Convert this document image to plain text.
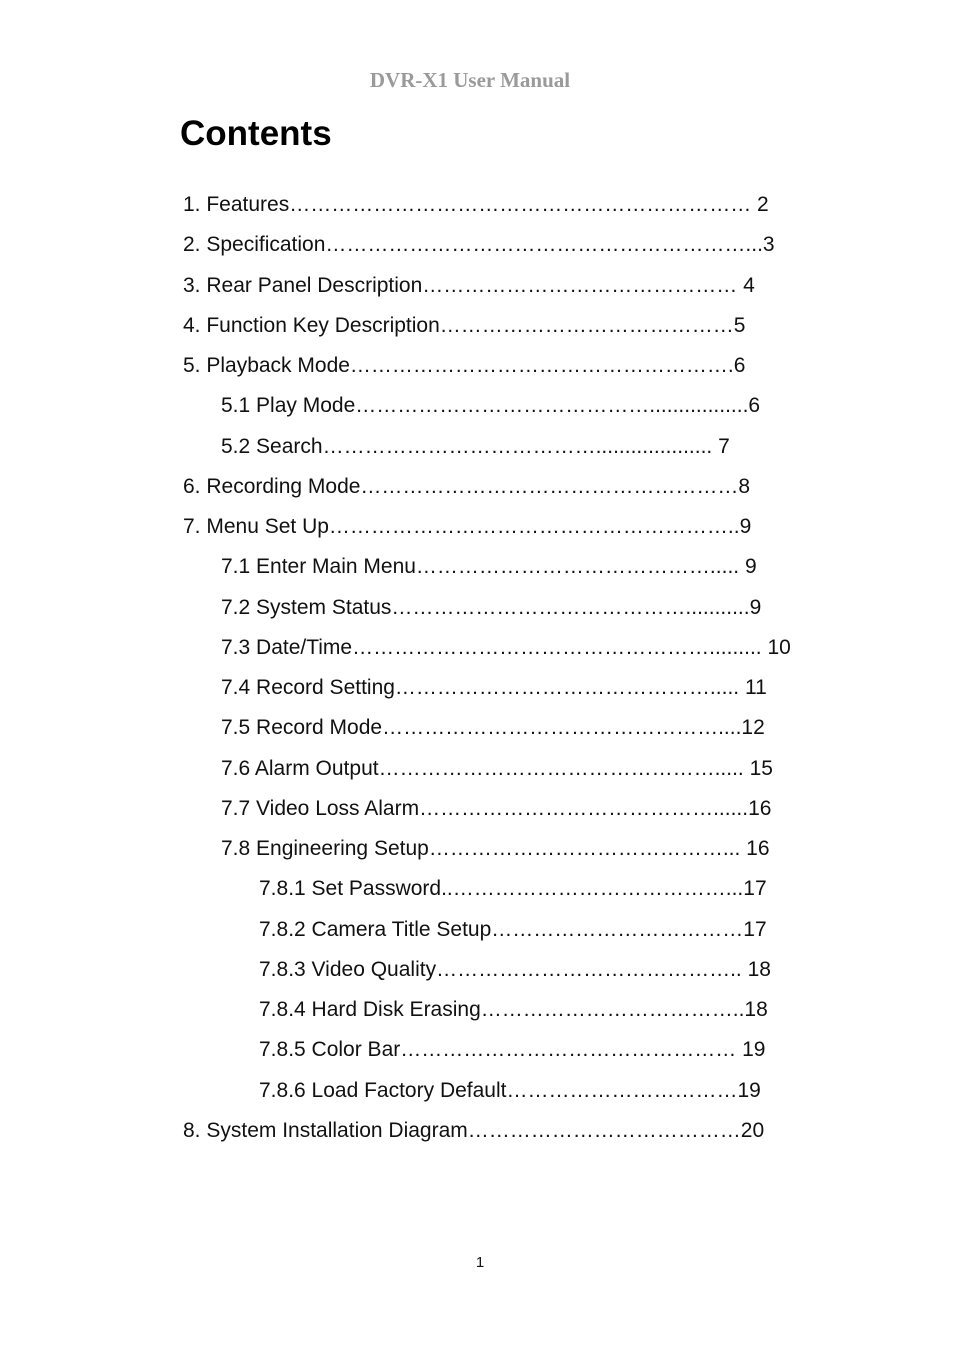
DVR-X1 User Manual
Contents
1. Features………………………………………………………… 2
2. Specification……………………………………………………...3
3. Rear Panel Description……………………………………… 4
4. Function Key Description……………………………………5
5. Playback Mode……………………………………………….6
5.1 Play Mode…………………………………….................6
5.2 Search………………………………….................... 7
6. Recording Mode………………………………………………8
7. Menu Set Up…………………………………………………..9
7.1 Enter Main Menu……………………………………..... 9
7.2 System Status……………………………………...........9
7.3 Date/Time……………………………………………......... 10
7.4 Record Setting………………………………………..... 11
7.5 Record Mode…………………………………………....12
7.6 Alarm Output…………………………………………..... 15
7.7 Video Loss Alarm……………………………………......16
7.8 Engineering Setup……………………………………... 16
7.8.1 Set Password..…………………………………...17
7.8.2 Camera Title Setup………………………………17
7.8.3 Video Quality…………………………………….. 18
7.8.4 Hard Disk Erasing………………………………..18
7.8.5 Color Bar………………………………………… 19
7.8.6 Load Factory Default……………………………19
8. System Installation Diagram…………………………………20
1
